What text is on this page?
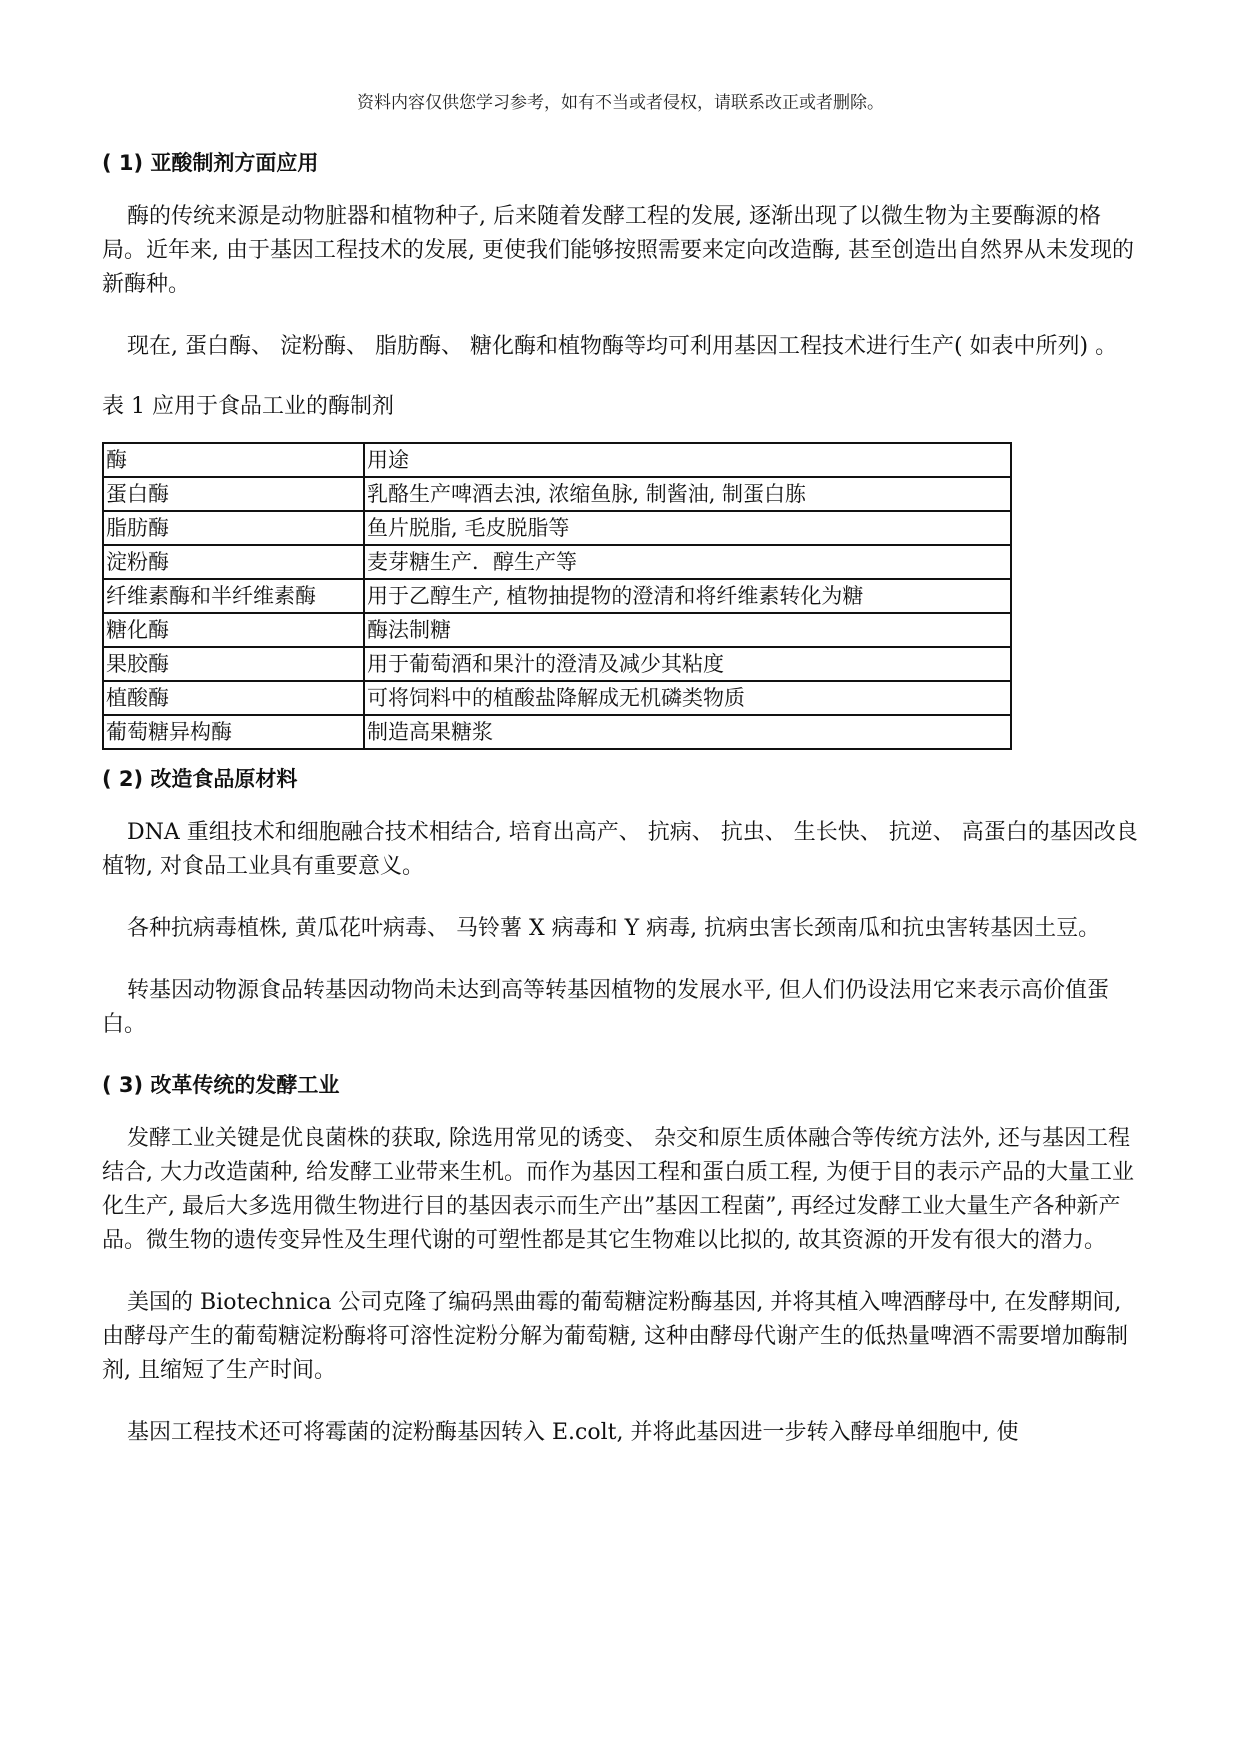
资料内容仅供您学习参考，如有不当或者侵权，请联系改正或者删除。
( 1) 亚酸制剂方面应用

酶的传统来源是动物脏器和植物种子, 后来随着发酵工程的发展, 逐渐出现了以微生物为主要酶源的格局。近年来, 由于基因工程技术的发展, 更使我们能够按照需要来定向改造酶, 甚至创造出自然界从未发现的新酶种。

现在, 蛋白酶、 淀粉酶、 脂肪酶、 糖化酶和植物酶等均可利用基因工程技术进行生产( 如表中所列) 。

表 1 应用于食品工业的酶制剂
酶	用途
蛋白酶	乳酪生产啤酒去浊, 浓缩鱼脉, 制酱油, 制蛋白胨
脂肪酶	鱼片脱脂, 毛皮脱脂等
淀粉酶	麦芽糖生产．醇生产等
纤维素酶和半纤维素酶	用于乙醇生产, 植物抽提物的澄清和将纤维素转化为糖
糖化酶	酶法制糖
果胶酶	用于葡萄酒和果汁的澄清及减少其粘度
植酸酶	可将饲料中的植酸盐降解成无机磷类物质
葡萄糖异构酶	制造高果糖浆
( 2) 改造食品原材料

DNA 重组技术和细胞融合技术相结合, 培育出高产、 抗病、 抗虫、 生长快、 抗逆、 高蛋白的基因改良植物, 对食品工业具有重要意义。

各种抗病毒植株, 黄瓜花叶病毒、 马铃薯 X 病毒和 Y 病毒, 抗病虫害长颈南瓜和抗虫害转基因土豆。

转基因动物源食品转基因动物尚未达到高等转基因植物的发展水平, 但人们仍设法用它来表示高价值蛋白。

( 3) 改革传统的发酵工业

发酵工业关键是优良菌株的获取, 除选用常见的诱变、 杂交和原生质体融合等传统方法外, 还与基因工程结合, 大力改造菌种, 给发酵工业带来生机。而作为基因工程和蛋白质工程, 为便于目的表示产品的大量工业化生产, 最后大多选用微生物进行目的基因表示而生产出”基因工程菌”, 再经过发酵工业大量生产各种新产品。微生物的遗传变异性及生理代谢的可塑性都是其它生物难以比拟的, 故其资源的开发有很大的潜力。

美国的 Biotechnica 公司克隆了编码黑曲霉的葡萄糖淀粉酶基因, 并将其植入啤酒酵母中, 在发酵期间, 由酵母产生的葡萄糖淀粉酶将可溶性淀粉分解为葡萄糖, 这种由酵母代谢产生的低热量啤酒不需要增加酶制剂, 且缩短了生产时间。

基因工程技术还可将霉菌的淀粉酶基因转入 E.colt, 并将此基因进一步转入酵母单细胞中, 使
